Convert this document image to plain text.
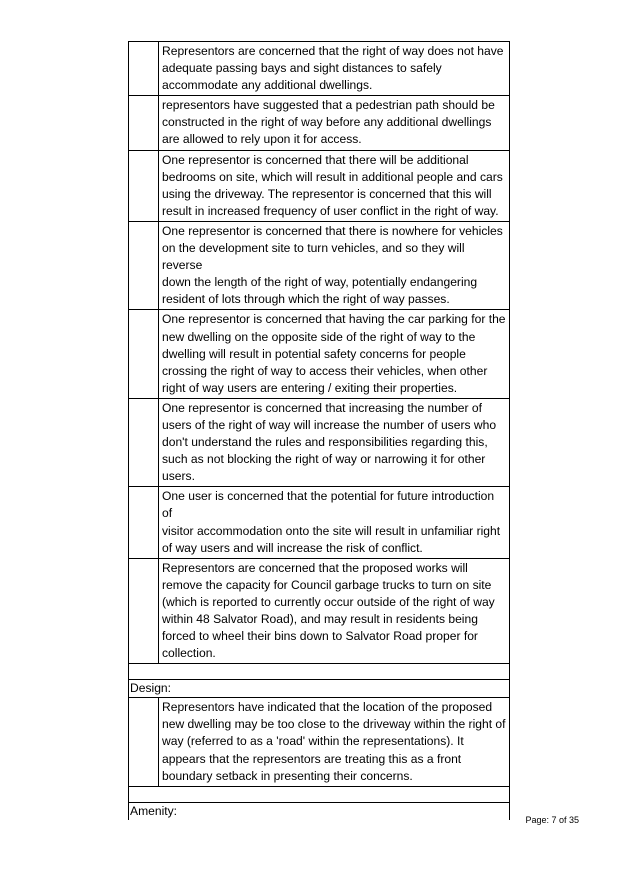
Representors are concerned that the right of way does not have
adequate passing bays and sight distances to safely
accommodate any additional dwellings.
representors have suggested that a pedestrian path should be
constructed in the right of way before any additional dwellings
are allowed to rely upon it for access.
One representor is concerned that there will be additional
bedrooms on site, which will result in additional people and cars
using the driveway. The representor is concerned that this will
result in increased frequency of user conflict in the right of way.
One representor is concerned that there is nowhere for vehicles
on the development site to turn vehicles, and so they will reverse
down the length of the right of way, potentially endangering
resident of lots through which the right of way passes.
One representor is concerned that having the car parking for the
new dwelling on the opposite side of the right of way to the
dwelling will result in potential safety concerns for people
crossing the right of way to access their vehicles, when other
right of way users are entering / exiting their properties.
One representor is concerned that increasing the number of
users of the right of way will increase the number of users who
don't understand the rules and responsibilities regarding this,
such as not blocking the right of way or narrowing it for other
users.
One user is concerned that the potential for future introduction of
visitor accommodation onto the site will result in unfamiliar right
of way users and will increase the risk of conflict.
Representors are concerned that the proposed works will
remove the capacity for Council garbage trucks to turn on site
(which is reported to currently occur outside of the right of way
within 48 Salvator Road), and may result in residents being
forced to wheel their bins down to Salvator Road proper for
collection.
Design:
Representors have indicated that the location of the proposed
new dwelling may be too close to the driveway within the right of
way (referred to as a 'road' within the representations). It
appears that the representors are treating this as a front
boundary setback in presenting their concerns.
Amenity:
Page: 7 of 35
